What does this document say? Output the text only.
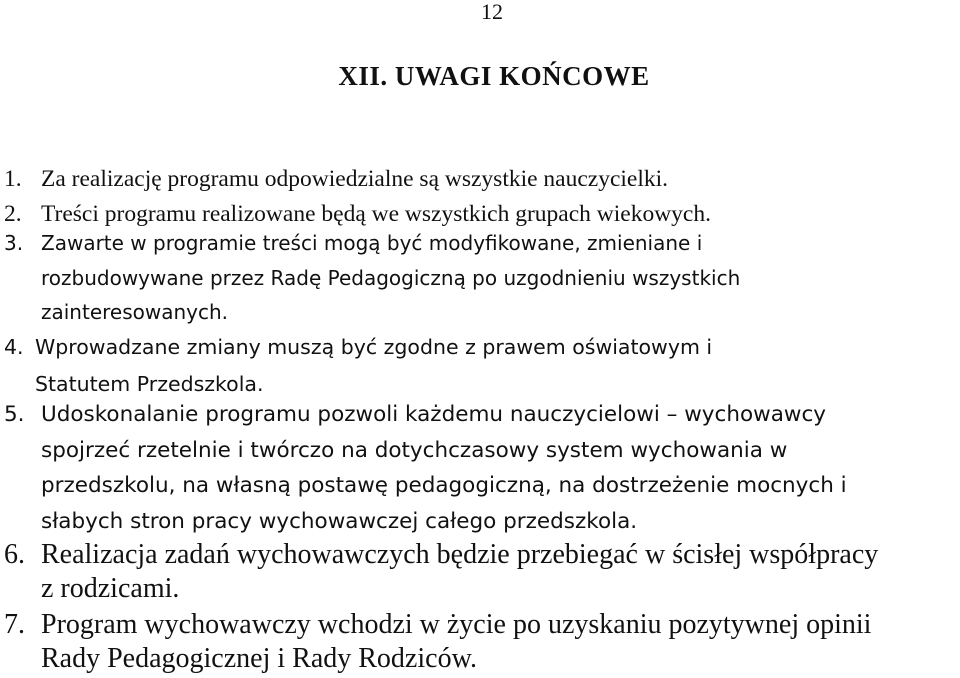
12
XII. UWAGI KOŃCOWE
1. Za realizację programu odpowiedzialne są wszystkie nauczycielki.
2. Treści programu realizowane będą we wszystkich grupach wiekowych.
3. Zawarte w programie treści mogą być modyfikowane, zmieniane i
rozbudowywane przez Radę Pedagogiczną po uzgodnieniu wszystkich
zainteresowanych.
4. Wprowadzane zmiany muszą być zgodne z prawem oświatowym i
Statutem Przedszkola.
5. Udoskonalanie programu pozwoli każdemu nauczycielowi – wychowawcy
spojrzeć rzetelnie i twórczo na dotychczasowy system wychowania w
przedszkolu, na własną postawę pedagogiczną, na dostrzeżenie mocnych i
słabych stron pracy wychowawczej całego przedszkola.
6. Realizacja zadań wychowawczych będzie przebiegać w ścisłej współpracy
z rodzicami.
7. Program wychowawczy wchodzi w życie po uzyskaniu pozytywnej opinii
Rady Pedagogicznej i Rady Rodziców.
